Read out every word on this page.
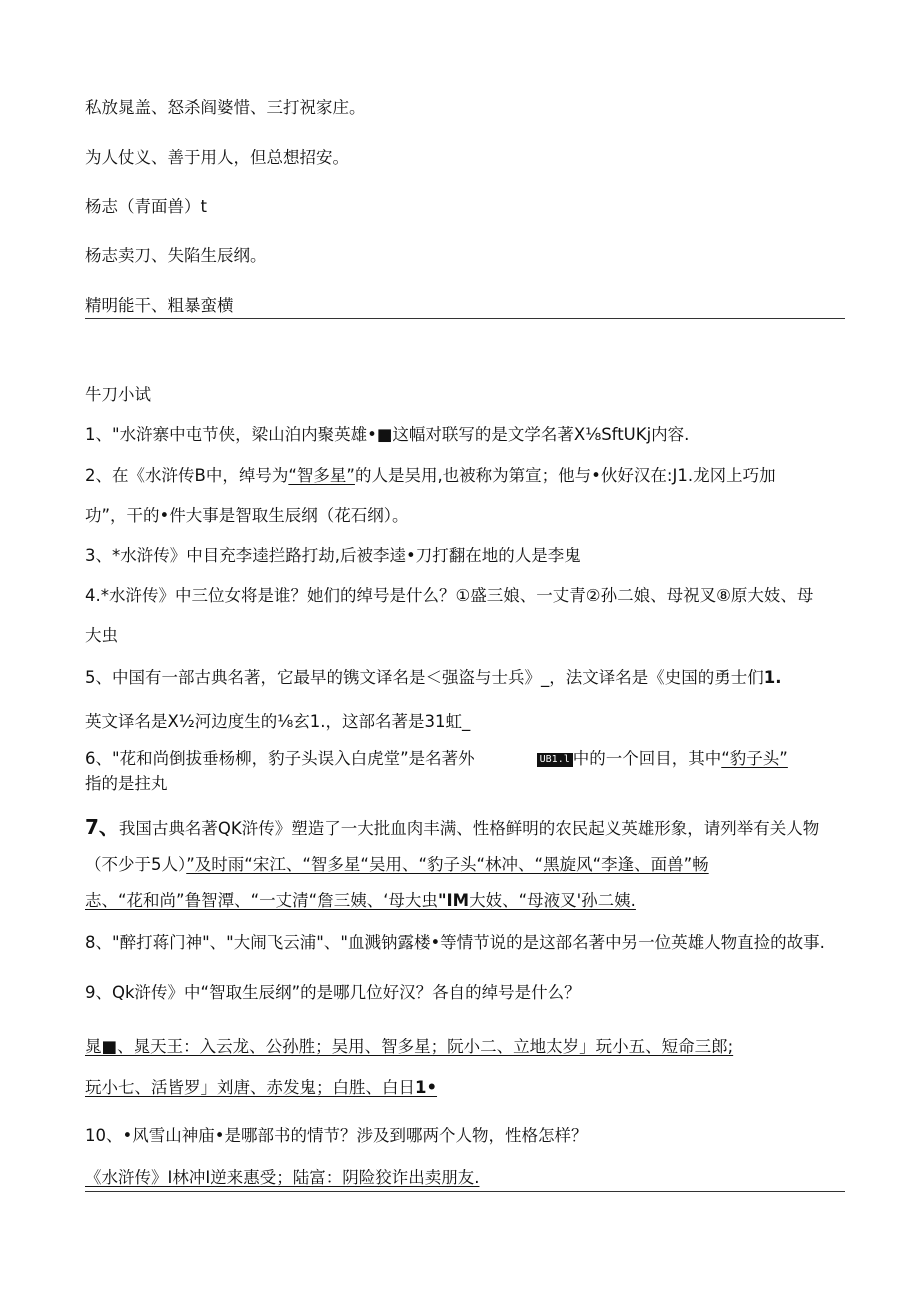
私放晁盖、怒杀阎婆惜、三打祝家庄。
为人仗义、善于用人，但总想招安。
杨志（青面兽）t
杨志卖刀、失陷生辰纲。
精明能干、粗暴蛮横
牛刀小试
1、"水浒寨中屯节侠，梁山泊内聚英雄•■这幅对联写的是文学名著X⅛SftUKj内容.
2、在《水浒传B中，绰号为“智多星”的人是吴用,也被称为第宣；他与•伙好汉在:J1.龙冈上巧加
功”，干的•件大事是智取生辰纲（花石纲）。
3、*水浒传》中目充李逵拦路打劫,后被李逵•刀打翻在地的人是李鬼
4.*水浒传》中三位女将是谁？她们的绰号是什么？①盛三娘、一丈青②孙二娘、母祝叉⑧原大妓、母
大虫
5、中国有一部古典名著，它最早的镌文译名是＜强盗与士兵》_，法文译名是《史国的勇士们1.
英文译名是X½河边度生的⅛玄1.，这部名著是31虹_
6、"花和尚倒拔垂杨柳，豹子头误入白虎堂”是名著外	UB1.l 中的一个回目，其中“豹子头”
指的是拄丸
7、我国古典名著QK浒传》塑造了一大批血肉丰满、性格鲜明的农民起义英雄形象，请列举有关人物
（不少于5人）”及时雨“宋江、“智多星“吴用、“豹子头“林冲、“黑旋风“李逢、面兽”畅
志、“花和尚”鲁智潭、“一丈清“詹三姨、‘母大虫"IM大妓、“母液叉'孙二姨.
8、"醉打蒋门神"、"大闹飞云浦"、"血溅钠露楼•等情节说的是这部名著中另一位英雄人物直捡的故事.
9、Qk浒传》中“智取生辰纲”的是哪几位好汉？各自的绰号是什么？
晁■、晁天王：入云龙、公孙胜；吴用、智多星；阮小二、立地太岁」玩小五、短命三郎;
玩小七、活皆罗」刘唐、赤发鬼；白胜、白日1•
10、•风雪山神庙•是哪部书的情节？涉及到哪两个人物，性格怎样？
《水浒传》I林冲I逆来惠受；陆富：阴险狡诈出卖朋友.
